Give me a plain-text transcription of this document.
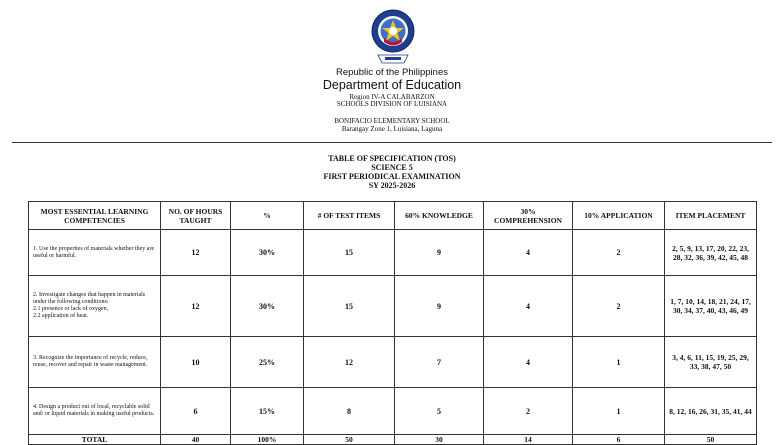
Republic of the Philippines
Department of Education
Region IV-A CALABARZON
SCHOOLS DIVISION OF LUISIANA
BONIFACIO ELEMENTARY SCHOOL
Barangay Zone 1, Luisiana, Laguna
TABLE OF SPECIFICATION (TOS)
SCIENCE 5
FIRST PERIODICAL EXAMINATION
SY 2025-2026
MOST ESSENTIAL LEARNING COMPETENCIES	NO. OF HOURS TAUGHT	%	# OF TEST ITEMS	60% KNOWLEDGE	30% COMPREHENSION	10% APPLICATION	ITEM PLACEMENT
1. Use the properties of materials whether they are useful or harmful.	12	30%	15	9	4	2	2, 5, 9, 13, 17, 20, 22, 23, 28, 32, 36, 39, 42, 45, 48
2. Investigate changes that happen in materials under the following conditions:
2.1 presence or lack of oxygen,
2.2 application of heat.	12	30%	15	9	4	2	1, 7, 10, 14, 18, 21, 24, 17, 30, 34, 37, 40, 43, 46, 49
3. Recognize the importance of recycle, reduce, reuse, recover and repair in waste management.	10	25%	12	7	4	1	3, 4, 6, 11, 15, 19, 25, 29, 33, 38, 47, 50
4. Design a product out of local, recyclable solid and/ or liquid materials in making useful products.	6	15%	8	5	2	1	8, 12, 16, 26, 31, 35, 41, 44
TOTAL	40	100%	50	30	14	6	50
